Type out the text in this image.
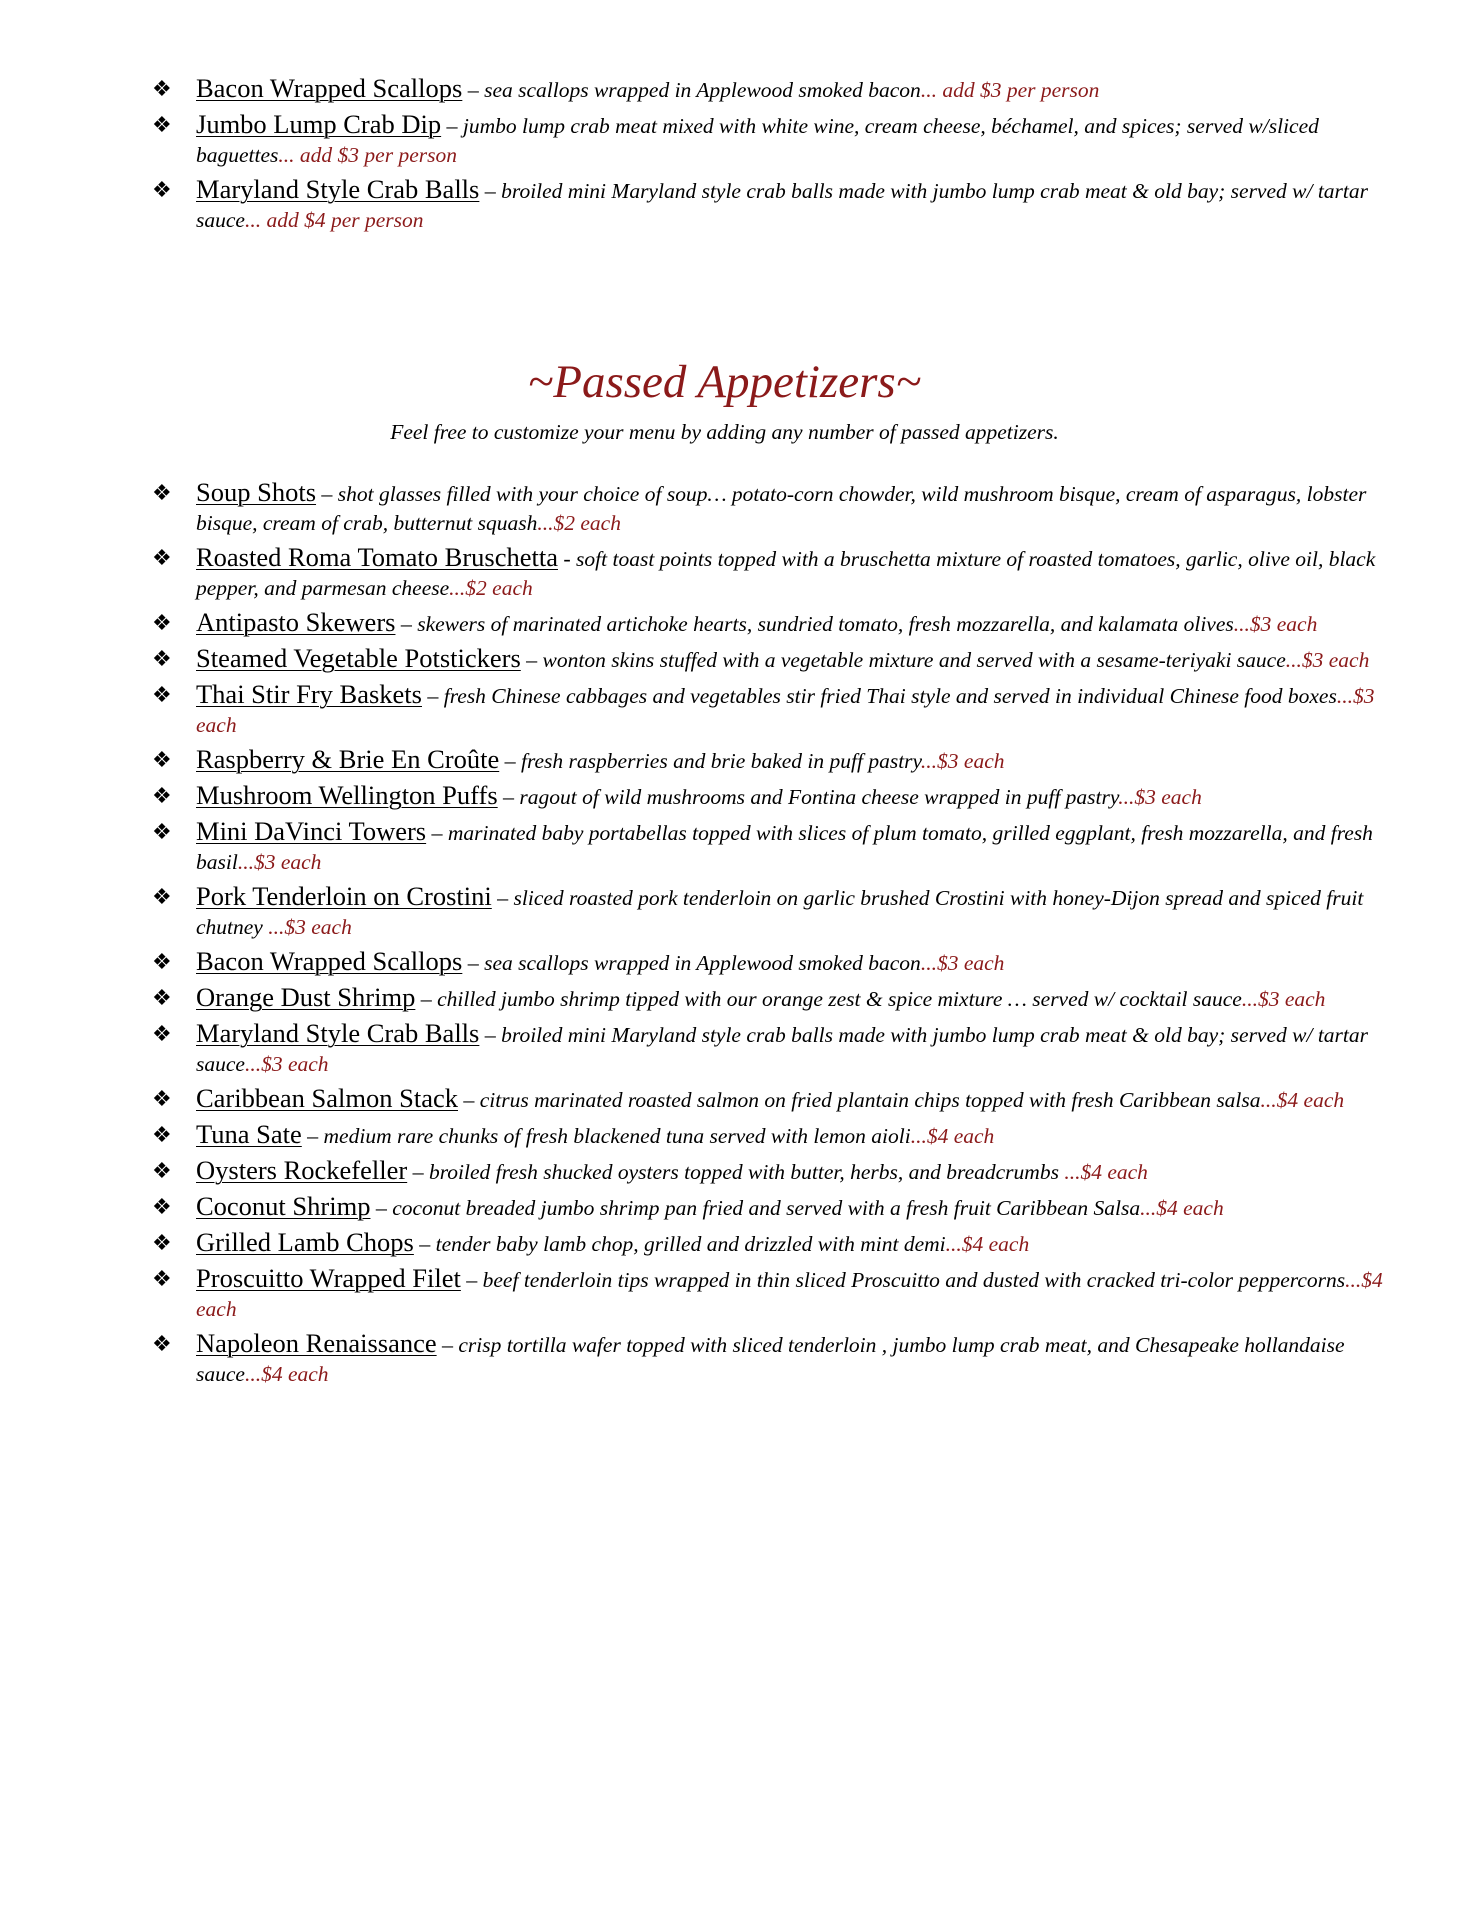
❖ Bacon Wrapped Scallops – sea scallops wrapped in Applewood smoked bacon... add $3 per person
❖ Jumbo Lump Crab Dip – jumbo lump crab meat mixed with white wine, cream cheese, béchamel, and spices; served w/sliced baguettes... add $3 per person
❖ Maryland Style Crab Balls – broiled mini Maryland style crab balls made with jumbo lump crab meat & old bay; served w/ tartar sauce... add $4 per person
~Passed Appetizers~

Feel free to customize your menu by adding any number of passed appetizers.

❖ Soup Shots – shot glasses filled with your choice of soup… potato-corn chowder, wild mushroom bisque, cream of asparagus, lobster bisque, cream of crab, butternut squash...$2 each
❖ Roasted Roma Tomato Bruschetta - soft toast points topped with a bruschetta mixture of roasted tomatoes, garlic, olive oil, black pepper, and parmesan cheese...$2 each
❖ Antipasto Skewers – skewers of marinated artichoke hearts, sundried tomato, fresh mozzarella, and kalamata olives...$3 each
❖ Steamed Vegetable Potstickers – wonton skins stuffed with a vegetable mixture and served with a sesame-teriyaki sauce...$3 each
❖ Thai Stir Fry Baskets – fresh Chinese cabbages and vegetables stir fried Thai style and served in individual Chinese food boxes...$3 each
❖ Raspberry & Brie En Croûte – fresh raspberries and brie baked in puff pastry...$3 each
❖ Mushroom Wellington Puffs – ragout of wild mushrooms and Fontina cheese wrapped in puff pastry...$3 each
❖ Mini DaVinci Towers – marinated baby portabellas topped with slices of plum tomato, grilled eggplant, fresh mozzarella, and fresh basil...$3 each
❖ Pork Tenderloin on Crostini – sliced roasted pork tenderloin on garlic brushed Crostini with honey-Dijon spread and spiced fruit chutney ...$3 each
❖ Bacon Wrapped Scallops – sea scallops wrapped in Applewood smoked bacon...$3 each
❖ Orange Dust Shrimp – chilled jumbo shrimp tipped with our orange zest & spice mixture … served w/ cocktail sauce...$3 each
❖ Maryland Style Crab Balls – broiled mini Maryland style crab balls made with jumbo lump crab meat & old bay; served w/ tartar sauce...$3 each
❖ Caribbean Salmon Stack – citrus marinated roasted salmon on fried plantain chips topped with fresh Caribbean salsa...$4 each
❖ Tuna Sate – medium rare chunks of fresh blackened tuna served with lemon aioli...$4 each
❖ Oysters Rockefeller – broiled fresh shucked oysters topped with butter, herbs, and breadcrumbs ...$4 each
❖ Coconut Shrimp – coconut breaded jumbo shrimp pan fried and served with a fresh fruit Caribbean Salsa...$4 each
❖ Grilled Lamb Chops – tender baby lamb chop, grilled and drizzled with mint demi...$4 each
❖ Proscuitto Wrapped Filet – beef tenderloin tips wrapped in thin sliced Proscuitto and dusted with cracked tri-color peppercorns...$4 each
❖ Napoleon Renaissance – crisp tortilla wafer topped with sliced tenderloin , jumbo lump crab meat, and Chesapeake hollandaise sauce...$4 each
